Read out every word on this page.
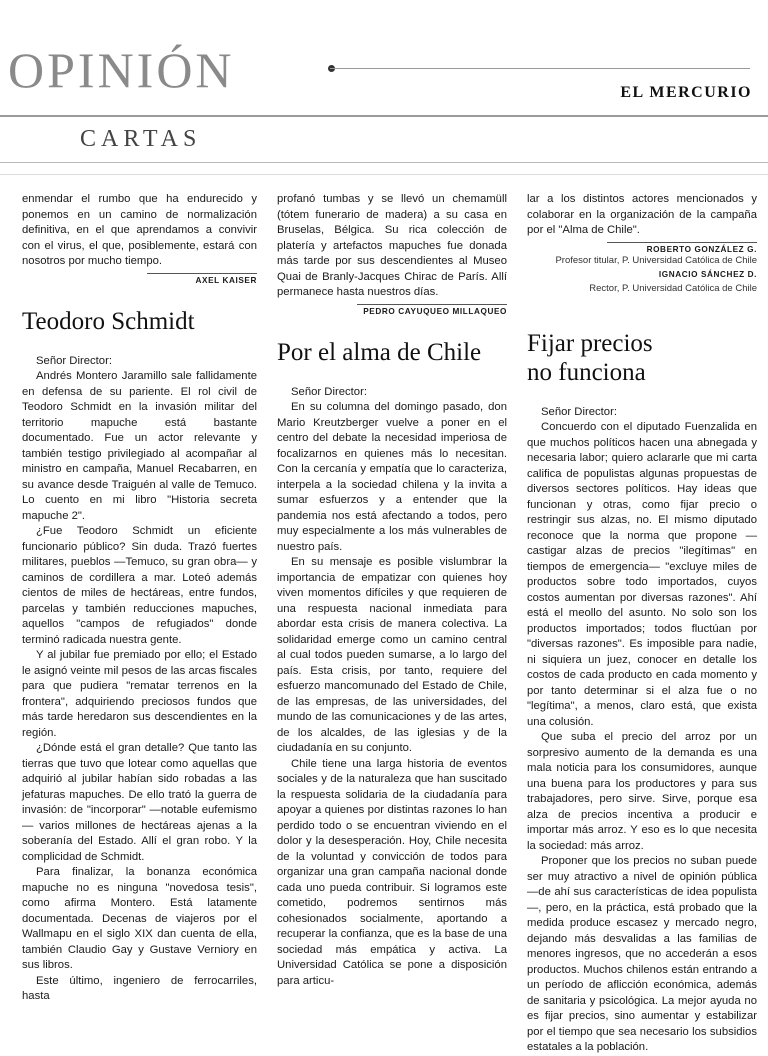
OPINIÓN	EL MERCURIO
CARTAS

enmendar el rumbo que ha endurecido y ponemos en un camino de normalización definitiva, en el que aprendamos a convivir con el virus, el que, posiblemente, estará con nosotros por mucho tiempo.

AXEL KAISER
Teodoro Schmidt

Señor Director:

Andrés Montero Jaramillo sale fallidamente en defensa de su pariente. El rol civil de Teodoro Schmidt en la invasión militar del territorio mapuche está bastante documentado. Fue un actor relevante y también testigo privilegiado al acompañar al ministro en campaña, Manuel Recabarren, en su avance desde Traiguén al valle de Temuco. Lo cuento en mi libro "Historia secreta mapuche 2".

¿Fue Teodoro Schmidt un eficiente funcionario público? Sin duda. Trazó fuertes militares, pueblos —Temuco, su gran obra— y caminos de cordillera a mar. Loteó además cientos de miles de hectáreas, entre fundos, parcelas y también reducciones mapuches, aquellos "campos de refugiados" donde terminó radicada nuestra gente.

Y al jubilar fue premiado por ello; el Estado le asignó veinte mil pesos de las arcas fiscales para que pudiera "rematar terrenos en la frontera", adquiriendo preciosos fundos que más tarde heredaron sus descendientes en la región.

¿Dónde está el gran detalle? Que tanto las tierras que tuvo que lotear como aquellas que adquirió al jubilar habían sido robadas a las jefaturas mapuches. De ello trató la guerra de invasión: de "incorporar" —notable eufemismo— varios millones de hectáreas ajenas a la soberanía del Estado. Allí el gran robo. Y la complicidad de Schmidt.

Para finalizar, la bonanza económica mapuche no es ninguna "novedosa tesis", como afirma Montero. Está latamente documentada. Decenas de viajeros por el Wallmapu en el siglo XIX dan cuenta de ella, también Claudio Gay y Gustave Verniory en sus libros.

Este último, ingeniero de ferrocarriles, hasta

profanó tumbas y se llevó un chemamüll (tótem funerario de madera) a su casa en Bruselas, Bélgica. Su rica colección de platería y artefactos mapuches fue donada más tarde por sus descendientes al Museo Quai de Branly-Jacques Chirac de París. Allí permanece hasta nuestros días.

PEDRO CAYUQUEO MILLAQUEO
Por el alma de Chile

Señor Director:

En su columna del domingo pasado, don Mario Kreutzberger vuelve a poner en el centro del debate la necesidad imperiosa de focalizarnos en quienes más lo necesitan. Con la cercanía y empatía que lo caracteriza, interpela a la sociedad chilena y la invita a sumar esfuerzos y a entender que la pandemia nos está afectando a todos, pero muy especialmente a los más vulnerables de nuestro país.

En su mensaje es posible vislumbrar la importancia de empatizar con quienes hoy viven momentos difíciles y que requieren de una respuesta nacional inmediata para abordar esta crisis de manera colectiva. La solidaridad emerge como un camino central al cual todos pueden sumarse, a lo largo del país. Esta crisis, por tanto, requiere del esfuerzo mancomunado del Estado de Chile, de las empresas, de las universidades, del mundo de las comunicaciones y de las artes, de los alcaldes, de las iglesias y de la ciudadanía en su conjunto.

Chile tiene una larga historia de eventos sociales y de la naturaleza que han suscitado la respuesta solidaria de la ciudadanía para apoyar a quienes por distintas razones lo han perdido todo o se encuentran viviendo en el dolor y la desesperación. Hoy, Chile necesita de la voluntad y convicción de todos para organizar una gran campaña nacional donde cada uno pueda contribuir. Si logramos este cometido, podremos sentirnos más cohesionados socialmente, aportando a recuperar la confianza, que es la base de una sociedad más empática y activa. La Universidad Católica se pone a disposición para articu-

lar a los distintos actores mencionados y colaborar en la organización de la campaña por el "Alma de Chile".

ROBERTO GONZÁLEZ G.
Profesor titular, P. Universidad Católica de Chile
IGNACIO SÁNCHEZ D.
Rector, P. Universidad Católica de Chile
Fijar precios
no funciona

Señor Director:

Concuerdo con el diputado Fuenzalida en que muchos políticos hacen una abnegada y necesaria labor; quiero aclararle que mi carta califica de populistas algunas propuestas de diversos sectores políticos. Hay ideas que funcionan y otras, como fijar precio o restringir sus alzas, no. El mismo diputado reconoce que la norma que propone —castigar alzas de precios "ilegítimas" en tiempos de emergencia— "excluye miles de productos sobre todo importados, cuyos costos aumentan por diversas razones". Ahí está el meollo del asunto. No solo son los productos importados; todos fluctúan por "diversas razones". Es imposible para nadie, ni siquiera un juez, conocer en detalle los costos de cada producto en cada momento y por tanto determinar si el alza fue o no "legítima", a menos, claro está, que exista una colusión.

Que suba el precio del arroz por un sorpresivo aumento de la demanda es una mala noticia para los consumidores, aunque una buena para los productores y para sus trabajadores, pero sirve. Sirve, porque esa alza de precios incentiva a producir e importar más arroz. Y eso es lo que necesita la sociedad: más arroz.

Proponer que los precios no suban puede ser muy atractivo a nivel de opinión pública —de ahí sus características de idea populista—, pero, en la práctica, está probado que la medida produce escasez y mercado negro, dejando más desvalidas a las familias de menores ingresos, que no accederán a esos productos. Muchos chilenos están entrando a un período de aflicción económica, además de sanitaria y psicológica. La mejor ayuda no es fijar precios, sino aumentar y estabilizar por el tiempo que sea necesario los subsidios estatales a la población.
